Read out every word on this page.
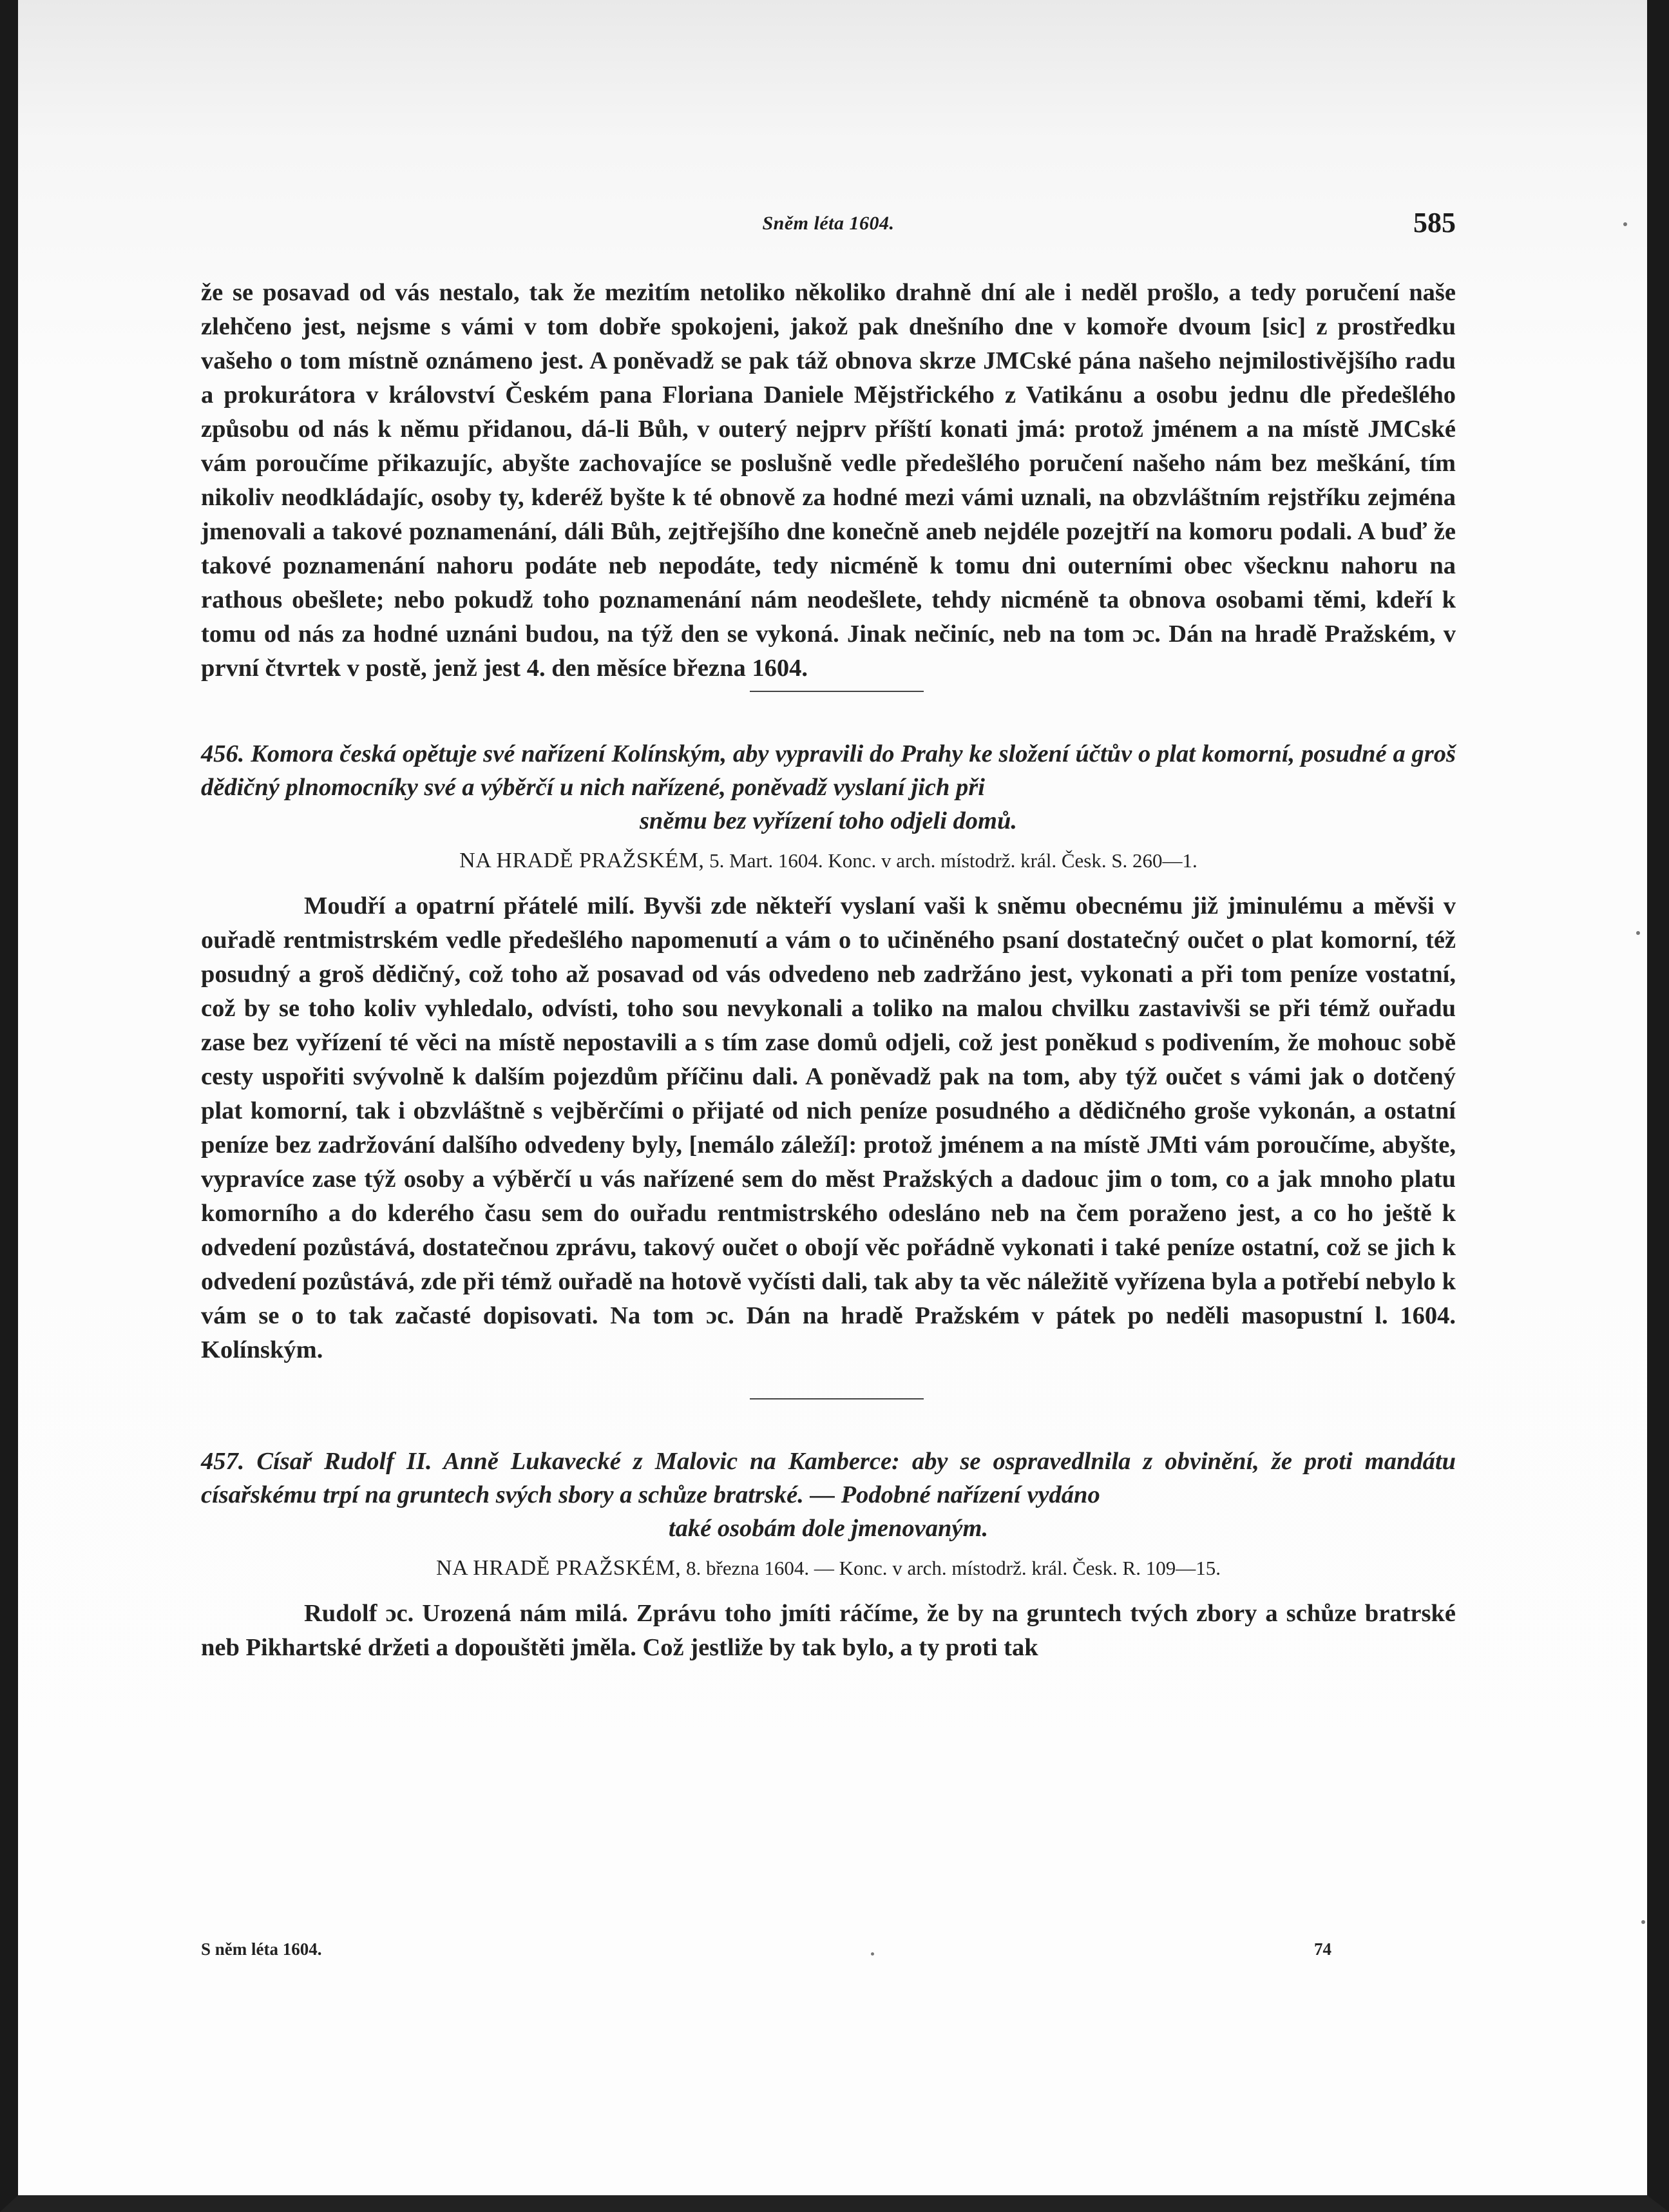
Sněm léta 1604.	585

že se posavad od vás nestalo, tak že mezitím netoliko několiko drahně dní ale i neděl prošlo, a tedy poručení naše zlehčeno jest, nejsme s vámi v tom dobře spokojeni, jakož pak dnešního dne v komoře dvoum [sic] z prostředku vašeho o tom místně oznámeno jest. A poněvadž se pak táž obnova skrze JMCské pána našeho nejmilostivějšího radu a prokurátora v království Českém pana Floriana Daniele Mějstřického z Vatikánu a osobu jednu dle předešlého způsobu od nás k němu přidanou, dá-li Bůh, v outerý nejprv příští konati jmá: protož jménem a na místě JMCské vám poroučíme přikazujíc, abyšte zachovajíce se poslušně vedle předešlého poručení našeho nám bez meškání, tím nikoliv neodkládajíc, osoby ty, kderéž byšte k té obnově za hodné mezi vámi uznali, na obzvláštním rejstříku zejména jmenovali a takové poznamenání, dáli Bůh, zejtřejšího dne konečně aneb nejdéle pozejtří na komoru podali. A buď že takové poznamenání nahoru podáte neb nepodáte, tedy nicméně k tomu dni outerními obec všecknu nahoru na rathous obešlete; nebo pokudž toho poznamenání nám neodešlete, tehdy nicméně ta obnova osobami těmi, kdeří k tomu od nás za hodné uznáni budou, na týž den se vykoná. Jinak nečiníc, neb na tom ɔc. Dán na hradě Pražském, v první čtvrtek v postě, jenž jest 4. den měsíce března 1604.

456. Komora česká opětuje své nařízení Kolínským, aby vypravili do Prahy ke složení účtův o plat komorní, posudné a groš dědičný plnomocníky své a výběrčí u nich nařízené, poněvadž vyslaní jich při
sněmu bez vyřízení toho odjeli domů.

NA HRADĚ PRAŽSKÉM, 5. Mart. 1604. Konc. v arch. místodrž. král. Česk. S. 260—1.

Moudří a opatrní přátelé milí. Byvši zde někteří vyslaní vaši k sněmu obecnému již jminulému a měvši v ouřadě rentmistrském vedle předešlého napomenutí a vám o to učiněného psaní dostatečný oučet o plat komorní, též posudný a groš dědičný, což toho až posavad od vás odvedeno neb zadržáno jest, vykonati a při tom peníze vostatní, což by se toho koliv vyhledalo, odvísti, toho sou nevykonali a toliko na malou chvilku zastavivši se při témž ouřadu zase bez vyřízení té věci na místě nepostavili a s tím zase domů odjeli, což jest poněkud s podivením, že mohouc sobě cesty uspořiti svývolně k dalším pojezdům příčinu dali. A poněvadž pak na tom, aby týž oučet s vámi jak o dotčený plat komorní, tak i obzvláštně s vejběrčími o přijaté od nich peníze posudného a dědičného groše vykonán, a ostatní peníze bez zadržování dalšího odvedeny byly, [nemálo záleží]: protož jménem a na místě JMti vám poroučíme, abyšte, vypravíce zase týž osoby a výběrčí u vás nařízené sem do měst Pražských a dadouc jim o tom, co a jak mnoho platu komorního a do kderého času sem do ouřadu rentmistrského odesláno neb na čem poraženo jest, a co ho ještě k odvedení pozůstává, dostatečnou zprávu, takový oučet o obojí věc pořádně vykonati i také peníze ostatní, což se jich k odvedení pozůstává, zde při témž ouřadě na hotově vyčísti dali, tak aby ta věc náležitě vyřízena byla a potřebí nebylo k vám se o to tak začasté dopisovati. Na tom ɔc. Dán na hradě Pražském v pátek po neděli masopustní l. 1604. Kolínským.

457. Císař Rudolf II. Anně Lukavecké z Malovic na Kamberce: aby se ospravedlnila z obvinění, že proti mandátu císařskému trpí na gruntech svých sbory a schůze bratrské. — Podobné nařízení vydáno
také osobám dole jmenovaným.

NA HRADĚ PRAŽSKÉM, 8. března 1604. — Konc. v arch. místodrž. král. Česk. R. 109—15.

Rudolf ɔc. Urozená nám milá. Zprávu toho jmíti ráčíme, že by na gruntech tvých zbory a schůze bratrské neb Pikhartské držeti a dopouštěti jměla. Což jestliže by tak bylo, a ty proti tak

S něm léta 1604.	74
